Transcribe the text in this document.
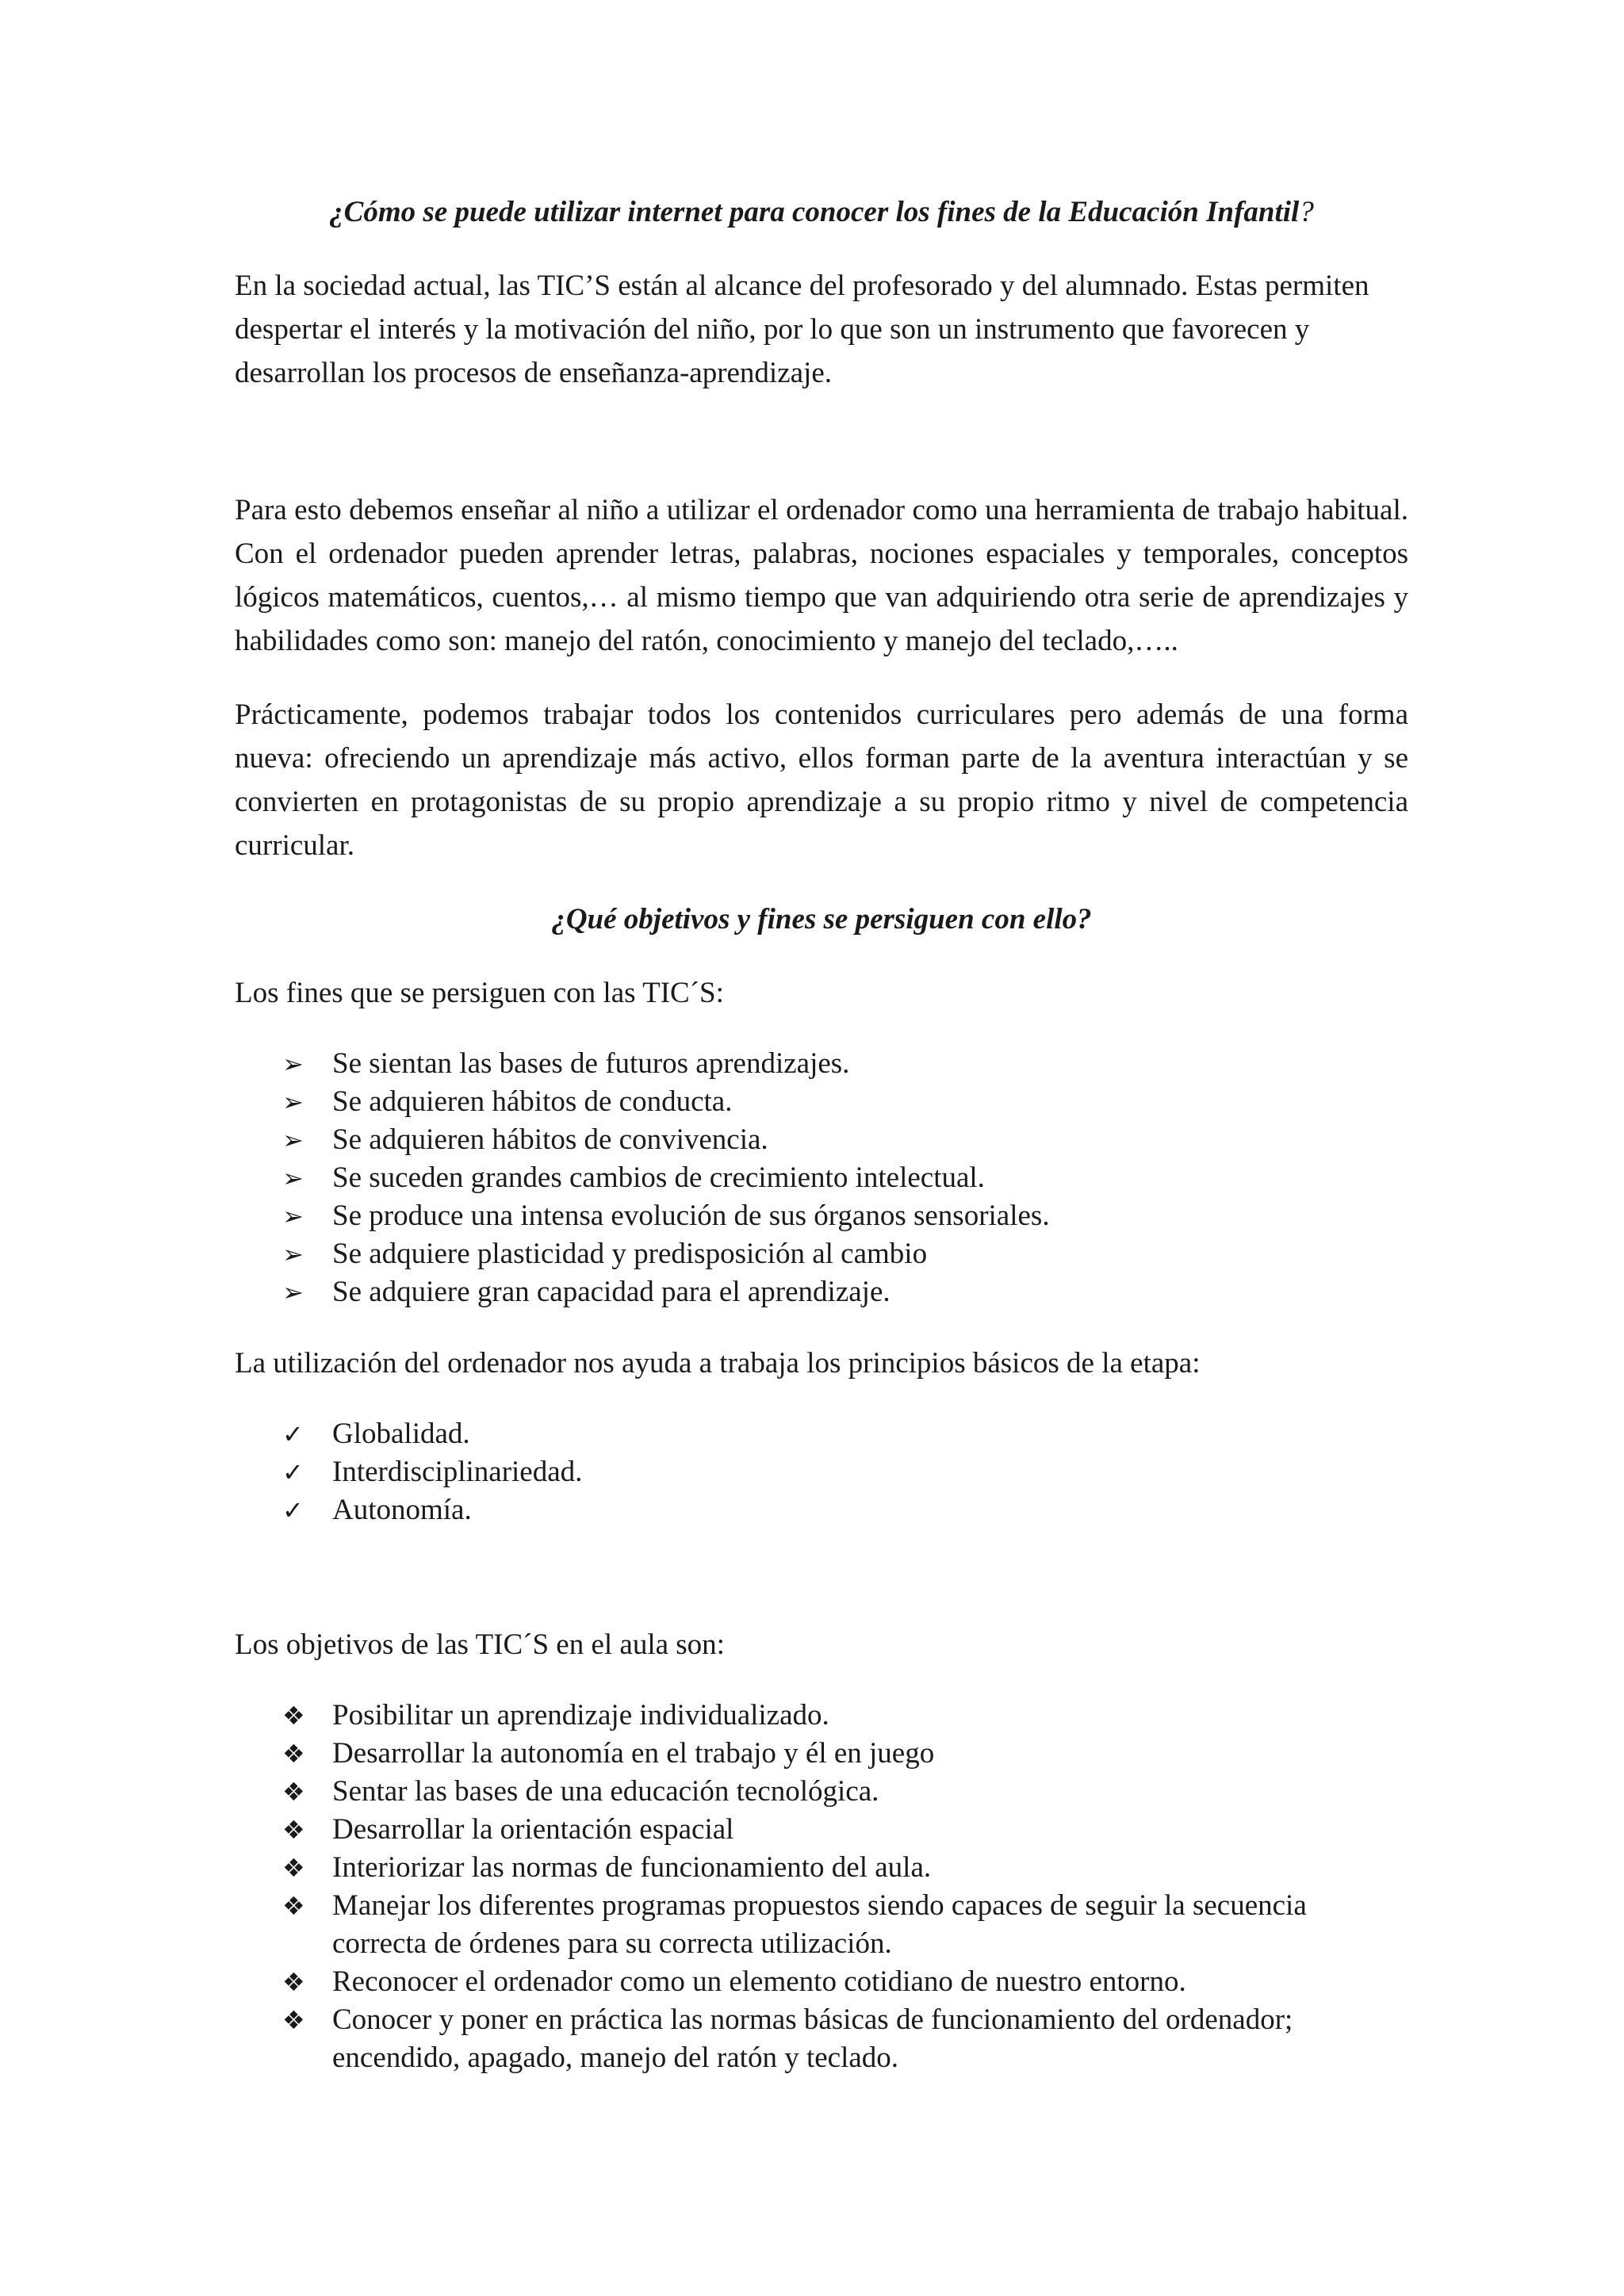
¿Cómo se puede utilizar internet para conocer los fines de la Educación Infantil?

En la sociedad actual, las TIC’S están al alcance del profesorado y del alumnado. Estas permiten despertar el interés y la motivación del niño, por lo que son un instrumento que favorecen y desarrollan los procesos de enseñanza-aprendizaje.

Para esto debemos enseñar al niño a utilizar el ordenador como una herramienta de trabajo habitual. Con el ordenador pueden aprender letras, palabras, nociones espaciales y temporales, conceptos lógicos matemáticos, cuentos,… al mismo tiempo que van adquiriendo otra serie de aprendizajes y habilidades como son: manejo del ratón, conocimiento y manejo del teclado,…..

Prácticamente, podemos trabajar todos los contenidos curriculares pero además de una forma nueva: ofreciendo un aprendizaje más activo, ellos forman parte de la aventura interactúan y se convierten en protagonistas de su propio aprendizaje a su propio ritmo y nivel de competencia curricular.

¿Qué objetivos y fines se persiguen con ello?

Los fines que se persiguen con las TIC´S:

➢ Se sientan las bases de futuros aprendizajes.
➢ Se adquieren hábitos de conducta.
➢ Se adquieren hábitos de convivencia.
➢ Se suceden grandes cambios de crecimiento intelectual.
➢ Se produce una intensa evolución de sus órganos sensoriales.
➢ Se adquiere plasticidad y predisposición al cambio
➢ Se adquiere gran capacidad para el aprendizaje.

La utilización del ordenador nos ayuda a trabaja los principios básicos de la etapa:

✓ Globalidad.
✓ Interdisciplinariedad.
✓ Autonomía.

Los objetivos de las TIC´S en el aula son:

❖ Posibilitar un aprendizaje individualizado.
❖ Desarrollar la autonomía en el trabajo y él en juego
❖ Sentar las bases de una educación tecnológica.
❖ Desarrollar la orientación espacial
❖ Interiorizar las normas de funcionamiento del aula.
❖ Manejar los diferentes programas propuestos siendo capaces de seguir la secuencia correcta de órdenes para su correcta utilización.
❖ Reconocer el ordenador como un elemento cotidiano de nuestro entorno.
❖ Conocer y poner en práctica las normas básicas de funcionamiento del ordenador; encendido, apagado, manejo del ratón y teclado.
